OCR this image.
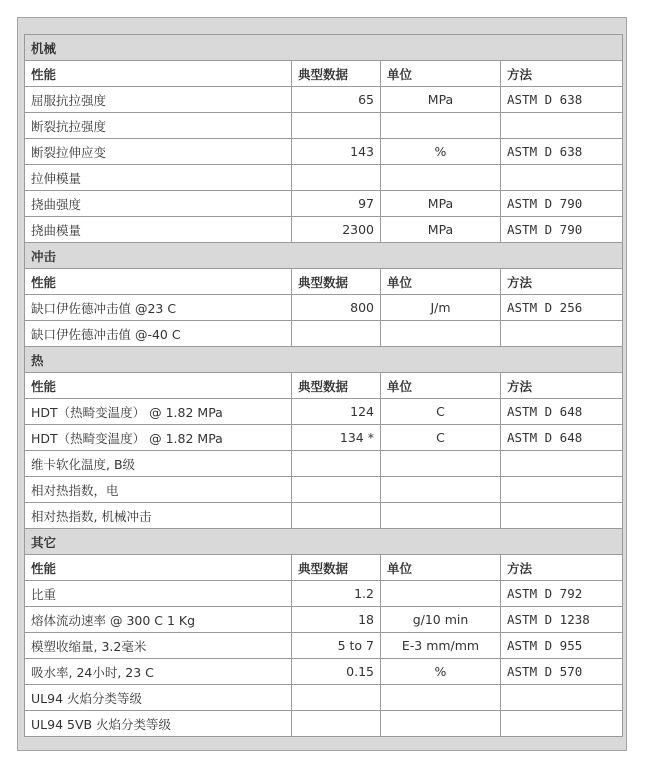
机械			
性能	典型数据	单位	方法
屈服抗拉强度	65	MPa	ASTM D 638
断裂抗拉强度			
断裂拉伸应变	143	%	ASTM D 638
拉伸模量			
挠曲强度	97	MPa	ASTM D 790
挠曲模量	2300	MPa	ASTM D 790
冲击			
性能	典型数据	单位	方法
缺口伊佐德冲击值 @23 C	800	J/m	ASTM D 256
缺口伊佐德冲击值 @-40 C			
热			
性能	典型数据	单位	方法
HDT（热畸变温度） @ 1.82 MPa	124	C	ASTM D 648
HDT（热畸变温度） @ 1.82 MPa	134 *	C	ASTM D 648
维卡软化温度, B级			
相对热指数，电			
相对热指数, 机械冲击			
其它			
性能	典型数据	单位	方法
比重	1.2		ASTM D 792
熔体流动速率 @ 300 C 1 Kg	18	g/10 min	ASTM D 1238
模塑收缩量, 3.2毫米	5 to 7	E-3 mm/mm	ASTM D 955
吸水率, 24小时, 23 C	0.15	%	ASTM D 570
UL94 火焰分类等级			
UL94 5VB 火焰分类等级			
